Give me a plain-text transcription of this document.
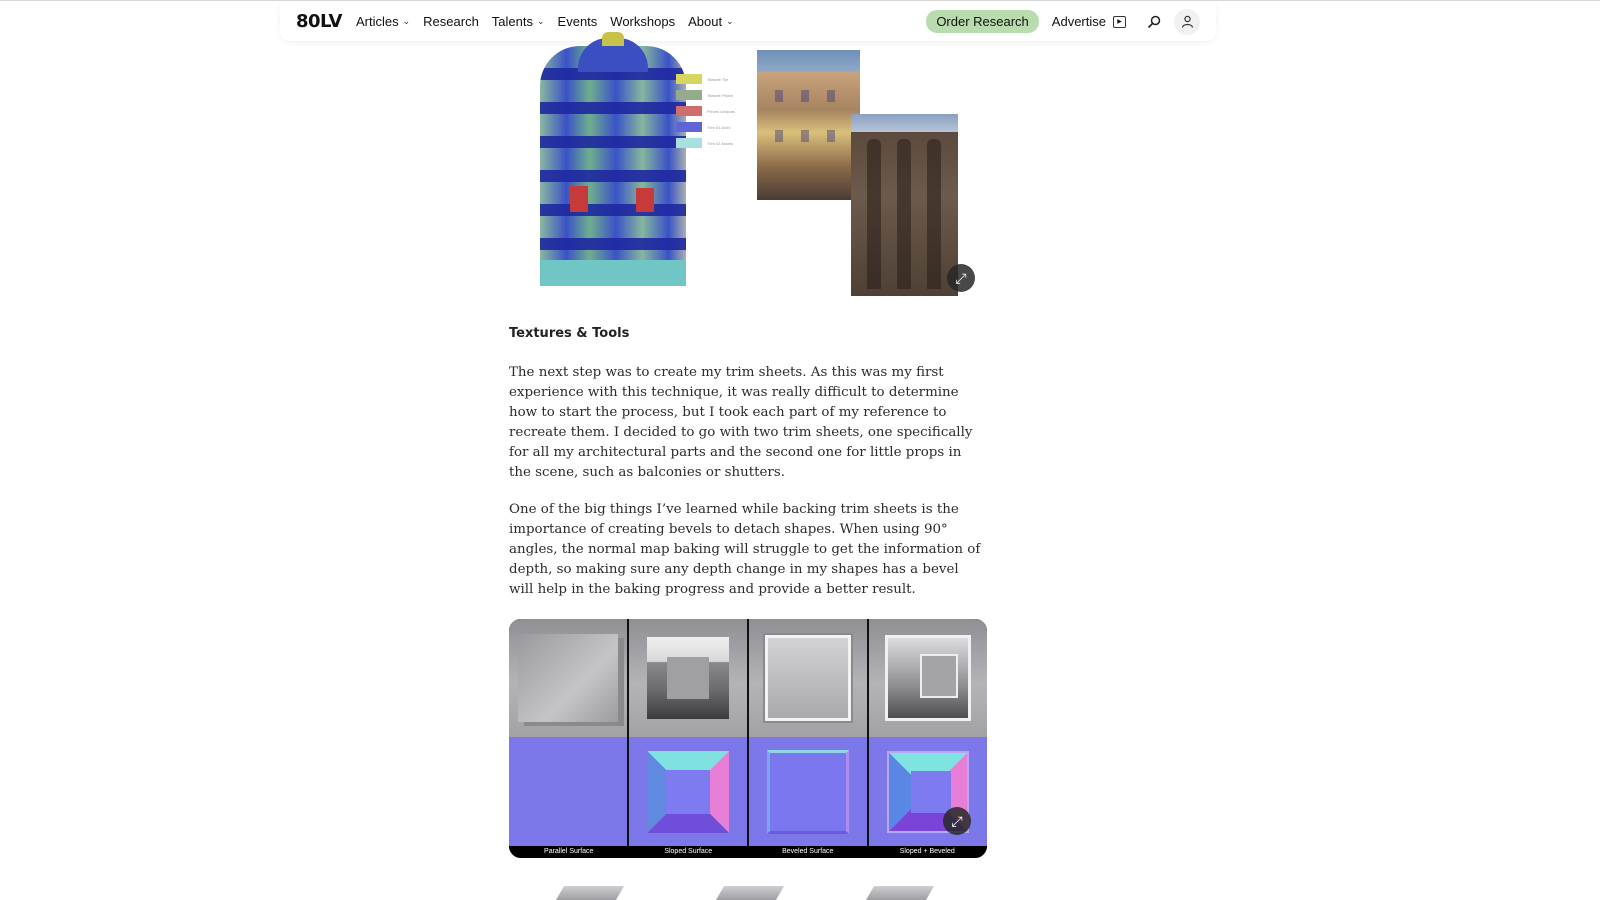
80LV Articles ⌄ Research Talents ⌄ Events Workshops About ⌄	Order Research	Advertise	▶
Tileable Tile
Tileable Plaine
Pieces Uniques
Trim 01 Archi
Trim 02 Assets
⤢
Textures & Tools

The next step was to create my trim sheets. As this was my first experience with this technique, it was really difficult to determine how to start the process, but I took each part of my reference to recreate them. I decided to go with two trim sheets, one specifically for all my architectural parts and the second one for little props in the scene, such as balconies or shutters.

One of the big things I’ve learned while backing trim sheets is the importance of creating bevels to detach shapes. When using 90° angles, the normal map baking will struggle to get the information of depth, so making sure any depth change in my shapes has a bevel will help in the baking progress and provide a better result.

Parallel Surface	Sloped Surface	Beveled Surface	Sloped + Beveled
⤢
